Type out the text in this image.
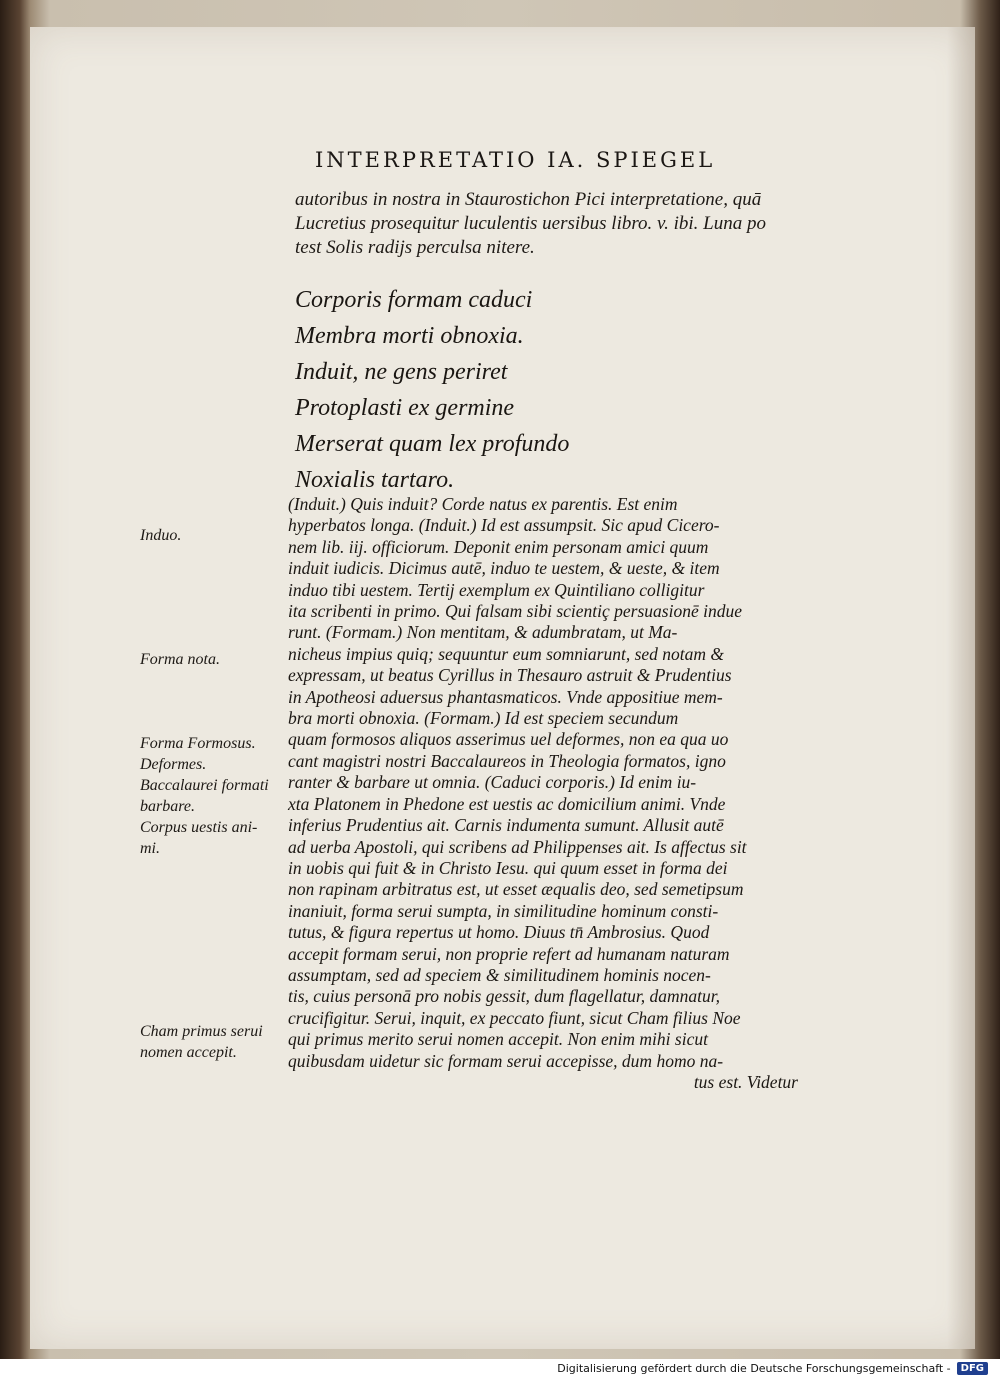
INTERPRETATIO IA. SPIEGEL
autoribus in nostra in Staurostichon Pici interpretatione, quā
Lucretius prosequitur luculentis uersibus libro. v. ibi. Luna po
test Solis radijs perculsa nitere.
Corporis formam caduci
Membra morti obnoxia.
Induit, ne gens periret
Protoplasti ex germine
Merserat quam lex profundo
Noxialis tartaro.
(Induit.) Quis induit? Corde natus ex parentis. Est enim
hyperbatos longa. (Induit.) Id est assumpsit. Sic apud Cicero-
nem lib. iij. officiorum. Deponit enim personam amici quum
induit iudicis. Dicimus autē, induo te uestem, & ueste, & item
induo tibi uestem. Tertij exemplum ex Quintiliano colligitur
ita scribenti in primo. Qui falsam sibi scientiç persuasionē indue
runt. (Formam.) Non mentitam, & adumbratam, ut Ma-
nicheus impius quiq; sequuntur eum somniarunt, sed notam &
expressam, ut beatus Cyrillus in Thesauro astruit & Prudentius
in Apotheosi aduersus phantasmaticos. Vnde appositiue mem-
bra morti obnoxia. (Formam.) Id est speciem secundum
quam formosos aliquos asserimus uel deformes, non ea qua uo
cant magistri nostri Baccalaureos in Theologia formatos, igno
ranter & barbare ut omnia. (Caduci corporis.) Id enim iu-
xta Platonem in Phedone est uestis ac domicilium animi. Vnde
inferius Prudentius ait. Carnis indumenta sumunt. Allusit autē
ad uerba Apostoli, qui scribens ad Philippenses ait. Is affectus sit
in uobis qui fuit & in Christo Iesu. qui quum esset in forma dei
non rapinam arbitratus est, ut esset æqualis deo, sed semetipsum
inaniuit, forma serui sumpta, in similitudine hominum consti-
tutus, & figura repertus ut homo. Diuus tn̄ Ambrosius. Quod
accepit formam serui, non proprie refert ad humanam naturam
assumptam, sed ad speciem & similitudinem hominis nocen-
tis, cuius personā pro nobis gessit, dum flagellatur, damnatur,
crucifigitur. Serui, inquit, ex peccato fiunt, sicut Cham filius Noe
qui primus merito serui nomen accepit. Non enim mihi sicut
quibusdam uidetur sic formam serui accepisse, dum homo na-
tus est. Videtur
Induo.
Forma nota.
Forma Formosus.
Deformes.
Baccalaurei formati
barbare.
Corpus uestis ani-
mi.
Cham primus serui
nomen accepit.
Digitalisierung gefördert durch die Deutsche Forschungsgemeinschaft -	DFG
